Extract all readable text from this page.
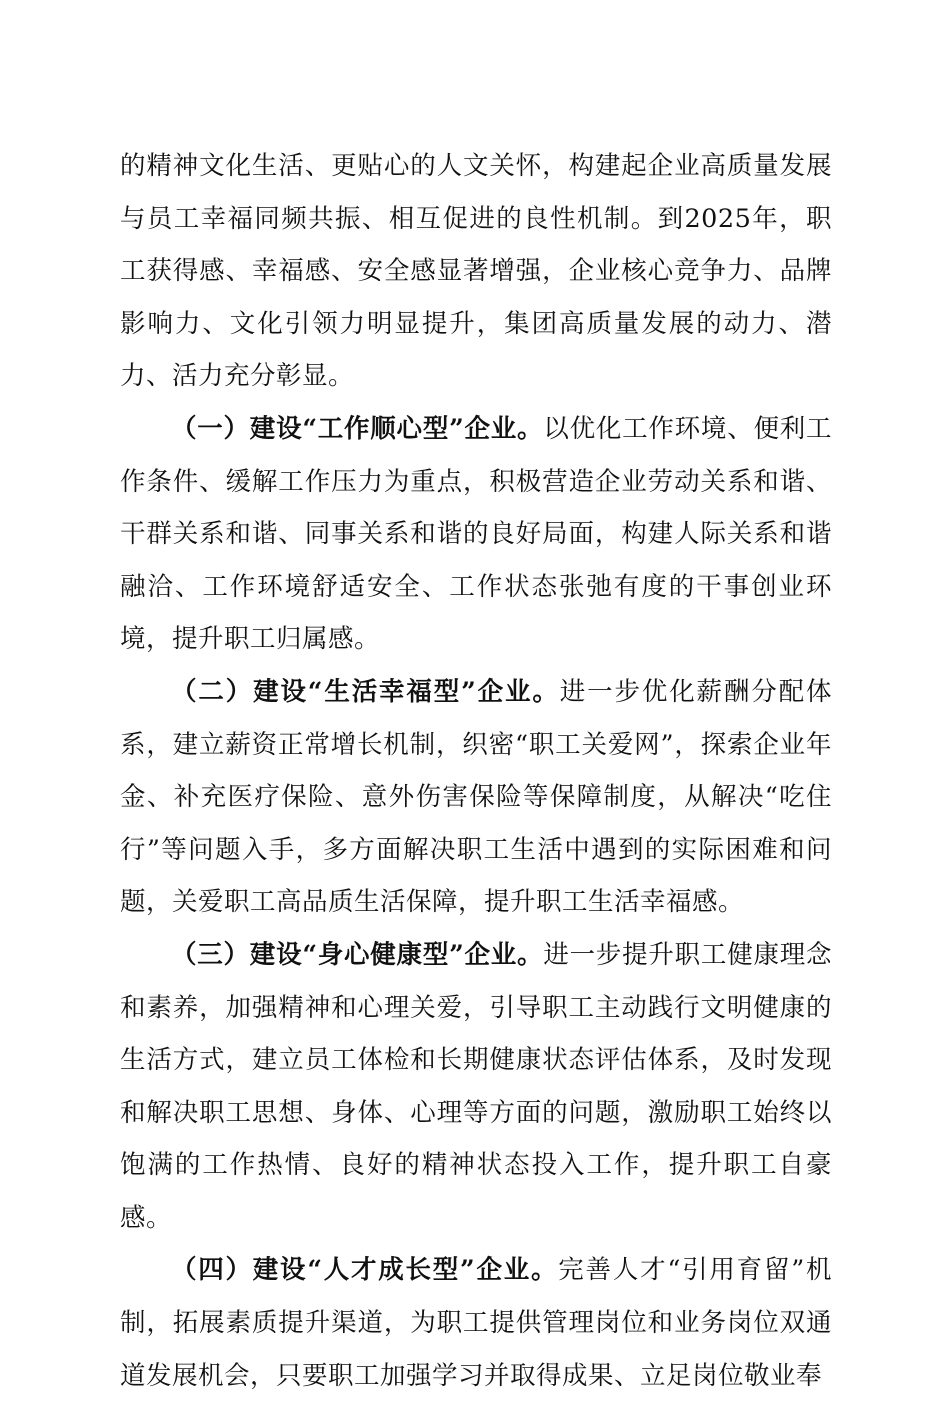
的精神文化生活、更贴心的人文关怀，构建起企业高质量发展与员工幸福同频共振、相互促进的良性机制。到2025年，职工获得感、幸福感、安全感显著增强，企业核心竞争力、品牌影响力、文化引领力明显提升，集团高质量发展的动力、潜力、活力充分彰显。

（一）建设“工作顺心型”企业。以优化工作环境、便利工作条件、缓解工作压力为重点，积极营造企业劳动关系和谐、干群关系和谐、同事关系和谐的良好局面，构建人际关系和谐融洽、工作环境舒适安全、工作状态张弛有度的干事创业环境，提升职工归属感。

（二）建设“生活幸福型”企业。进一步优化薪酬分配体系，建立薪资正常增长机制，织密“职工关爱网”，探索企业年金、补充医疗保险、意外伤害保险等保障制度，从解决“吃住行”等问题入手，多方面解决职工生活中遇到的实际困难和问题，关爱职工高品质生活保障，提升职工生活幸福感。

（三）建设“身心健康型”企业。进一步提升职工健康理念和素养，加强精神和心理关爱，引导职工主动践行文明健康的生活方式，建立员工体检和长期健康状态评估体系，及时发现和解决职工思想、身体、心理等方面的问题，激励职工始终以饱满的工作热情、良好的精神状态投入工作，提升职工自豪感。

（四）建设“人才成长型”企业。完善人才“引用育留”机制，拓展素质提升渠道，为职工提供管理岗位和业务岗位双通道发展机会，只要职工加强学习并取得成果、立足岗位敬业奉
